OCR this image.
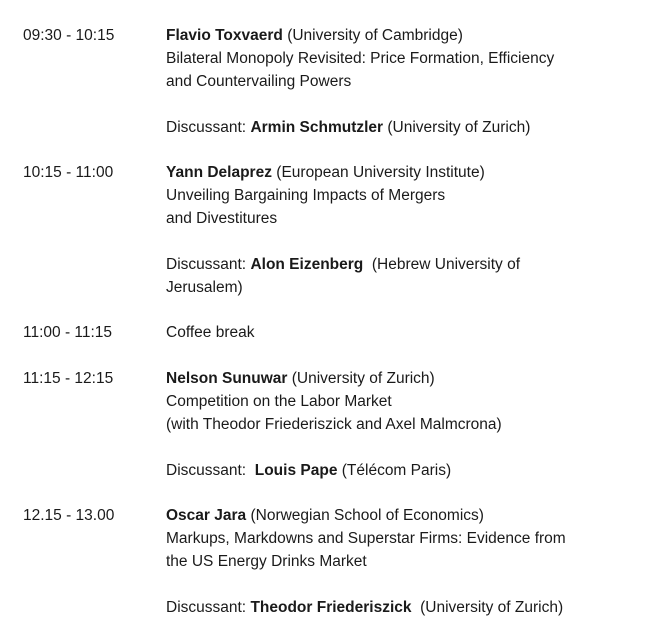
09:30 - 10:15	Flavio Toxvaerd (University of Cambridge)
Bilateral Monopoly Revisited: Price Formation, Efficiency
and Countervailing Powers
Discussant: Armin Schmutzler (University of Zurich)
10:15 - 11:00	Yann Delaprez (European University Institute)
Unveiling Bargaining Impacts of Mergers
and Divestitures
Discussant: Alon Eizenberg (Hebrew University of
Jerusalem)
11:00 - 11:15	Coffee break
11:15 - 12:15	Nelson Sunuwar (University of Zurich)
Competition on the Labor Market
(with Theodor Friederiszick and Axel Malmcrona)
Discussant: Louis Pape (Télécom Paris)
12.15 - 13.00	Oscar Jara (Norwegian School of Economics)
Markups, Markdowns and Superstar Firms: Evidence from
the US Energy Drinks Market
Discussant: Theodor Friederiszick (University of Zurich)
